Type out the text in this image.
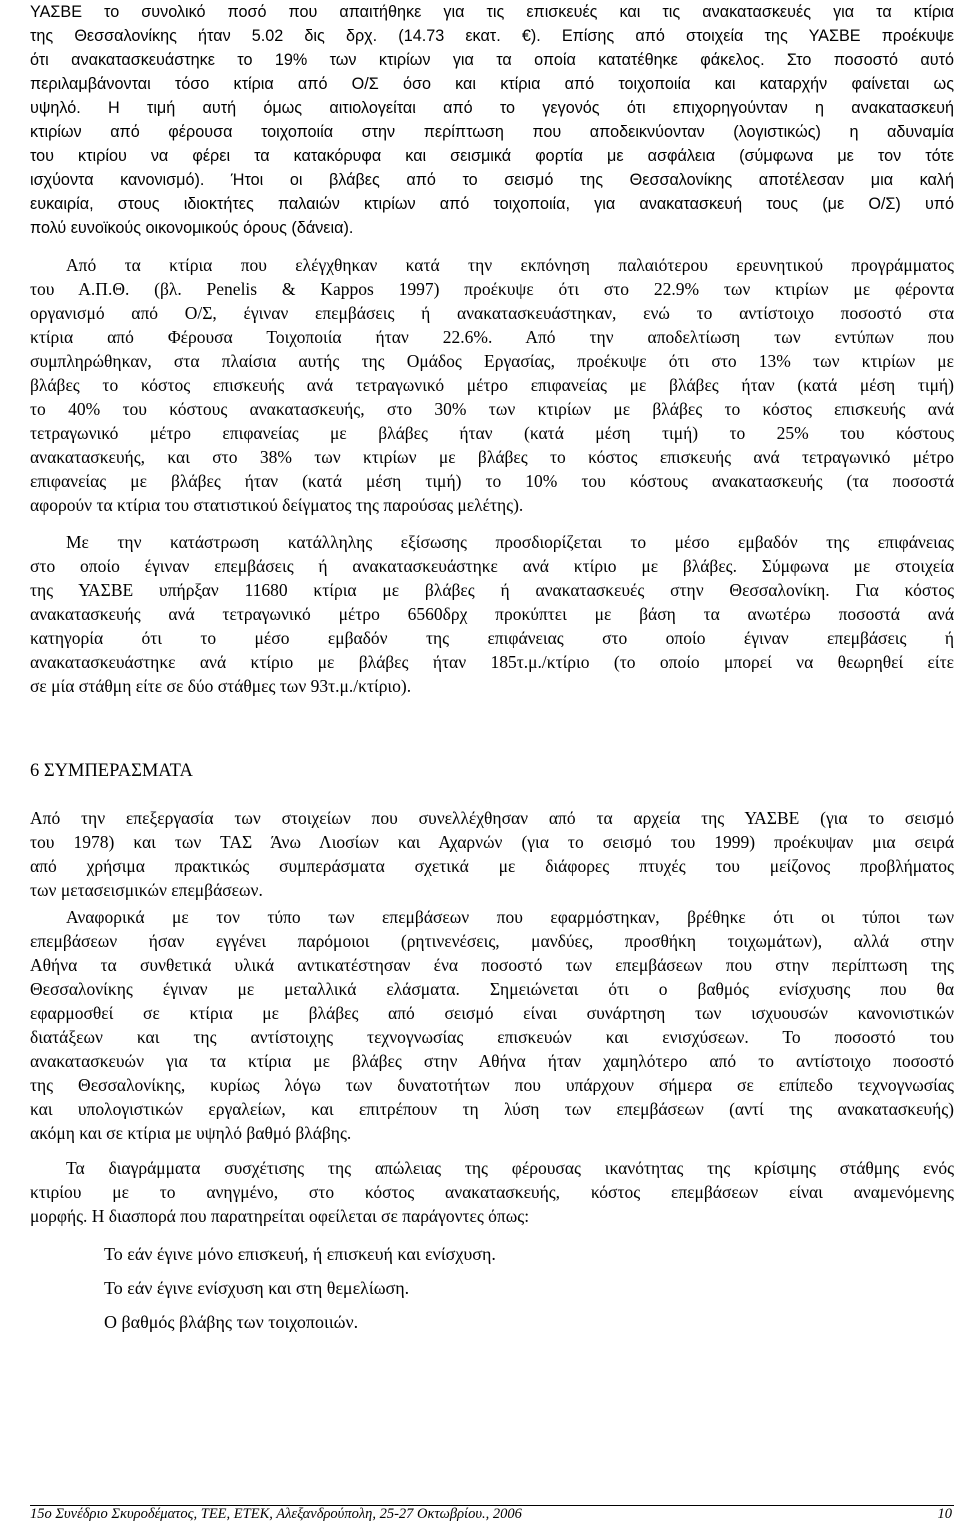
ΥΑΣΒΕ το συνολικό ποσό που απαιτήθηκε για τις επισκευές και τις ανακατασκευές για τα κτίρια
της Θεσσαλονίκης ήταν 5.02 δις δρχ. (14.73 εκατ. €). Επίσης από στοιχεία της ΥΑΣΒΕ προέκυψε
ότι ανακατασκευάστηκε το 19% των κτιρίων για τα οποία κατατέθηκε φάκελος. Στο ποσοστό αυτό
περιλαμβάνονται τόσο κτίρια από Ο/Σ όσο και κτίρια από τοιχοποιία και καταρχήν φαίνεται ως
υψηλό. Η τιμή αυτή όμως αιτιολογείται από το γεγονός ότι επιχορηγούνταν η ανακατασκευή
κτιρίων από φέρουσα τοιχοποιία στην περίπτωση που αποδεικνύονταν (λογιστικώς) η αδυναμία
του κτιρίου να φέρει τα κατακόρυφα και σεισμικά φορτία με ασφάλεια (σύμφωνα με τον τότε
ισχύοντα κανονισμό). Ήτοι οι βλάβες από το σεισμό της Θεσσαλονίκης αποτέλεσαν μια καλή
ευκαιρία, στους ιδιοκτήτες παλαιών κτιρίων από τοιχοποιία, για ανακατασκευή τους (με Ο/Σ) υπό
πολύ ευνοϊκούς οικονομικούς όρους (δάνεια).
Από τα κτίρια που ελέγχθηκαν κατά την εκπόνηση παλαιότερου ερευνητικού προγράμματος
του Α.Π.Θ. (βλ. Penelis & Kappos 1997) προέκυψε ότι στο 22.9% των κτιρίων με φέροντα
οργανισμό από Ο/Σ, έγιναν επεμβάσεις ή ανακατασκευάστηκαν, ενώ το αντίστοιχο ποσοστό στα
κτίρια από Φέρουσα Τοιχοποιία ήταν 22.6%. Από την αποδελτίωση των εντύπων που
συμπληρώθηκαν, στα πλαίσια αυτής της Ομάδος Εργασίας, προέκυψε ότι στο 13% των κτιρίων με
βλάβες το κόστος επισκευής ανά τετραγωνικό μέτρο επιφανείας με βλάβες ήταν (κατά μέση τιμή)
το 40% του κόστους ανακατασκευής, στο 30% των κτιρίων με βλάβες το κόστος επισκευής ανά
τετραγωνικό μέτρο επιφανείας με βλάβες ήταν (κατά μέση τιμή) το 25% του κόστους
ανακατασκευής, και στο 38% των κτιρίων με βλάβες το κόστος επισκευής ανά τετραγωνικό μέτρο
επιφανείας με βλάβες ήταν (κατά μέση τιμή) το 10% του κόστους ανακατασκευής (τα ποσοστά
αφορούν τα κτίρια του στατιστικού δείγματος της παρούσας μελέτης).
Με την κατάστρωση κατάλληλης εξίσωσης προσδιορίζεται το μέσο εμβαδόν της επιφάνειας
στο οποίο έγιναν επεμβάσεις ή ανακατασκευάστηκε ανά κτίριο με βλάβες. Σύμφωνα με στοιχεία
της ΥΑΣΒΕ υπήρξαν 11680 κτίρια με βλάβες ή ανακατασκευές στην Θεσσαλονίκη. Για κόστος
ανακατασκευής ανά τετραγωνικό μέτρο 6560δρχ προκύπτει με βάση τα ανωτέρω ποσοστά ανά
κατηγορία ότι το μέσο εμβαδόν της επιφάνειας στο οποίο έγιναν επεμβάσεις ή
ανακατασκευάστηκε ανά κτίριο με βλάβες ήταν 185τ.μ./κτίριο (το οποίο μπορεί να θεωρηθεί είτε
σε μία στάθμη είτε σε δύο στάθμες των 93τ.μ./κτίριο).
6 ΣΥΜΠΕΡΑΣΜΑΤΑ
Από την επεξεργασία των στοιχείων που συνελλέχθησαν από τα αρχεία της ΥΑΣΒΕ (για το σεισμό
του 1978) και των ΤΑΣ Άνω Λιοσίων και Αχαρνών (για το σεισμό του 1999) προέκυψαν μια σειρά
από χρήσιμα πρακτικώς συμπεράσματα σχετικά με διάφορες πτυχές του μείζονος προβλήματος
των μετασεισμικών επεμβάσεων.
Αναφορικά με τον τύπο των επεμβάσεων που εφαρμόστηκαν, βρέθηκε ότι οι τύποι των
επεμβάσεων ήσαν εγγένει παρόμοιοι (ρητινενέσεις, μανδύες, προσθήκη τοιχωμάτων), αλλά στην
Αθήνα τα συνθετικά υλικά αντικατέστησαν ένα ποσοστό των επεμβάσεων που στην περίπτωση της
Θεσσαλονίκης έγιναν με μεταλλικά ελάσματα. Σημειώνεται ότι ο βαθμός ενίσχυσης που θα
εφαρμοσθεί σε κτίρια με βλάβες από σεισμό είναι συνάρτηση των ισχυουσών κανονιστικών
διατάξεων και της αντίστοιχης τεχνογνωσίας επισκευών και ενισχύσεων. Το ποσοστό του
ανακατασκευών για τα κτίρια με βλάβες στην Αθήνα ήταν χαμηλότερο από το αντίστοιχο ποσοστό
της Θεσσαλονίκης, κυρίως λόγω των δυνατοτήτων που υπάρχουν σήμερα σε επίπεδο τεχνογνωσίας
και υπολογιστικών εργαλείων, και επιτρέπουν τη λύση των επεμβάσεων (αντί της ανακατασκευής)
ακόμη και σε κτίρια με υψηλό βαθμό βλάβης.
Τα διαγράμματα συσχέτισης της απώλειας της φέρουσας ικανότητας της κρίσιμης στάθμης ενός
κτιρίου με το ανηγμένο, στο κόστος ανακατασκευής, κόστος επεμβάσεων είναι αναμενόμενης
μορφής. Η διασπορά που παρατηρείται οφείλεται σε παράγοντες όπως:
Το εάν έγινε μόνο επισκευή, ή επισκευή και ενίσχυση.
Το εάν έγινε ενίσχυση και στη θεμελίωση.
Ο βαθμός βλάβης των τοιχοποιιών.
15ο Συνέδριο Σκυροδέματος, ΤΕΕ, ΕΤΕΚ, Αλεξανδρούπολη, 25-27 Οκτωβρίου., 2006	10
